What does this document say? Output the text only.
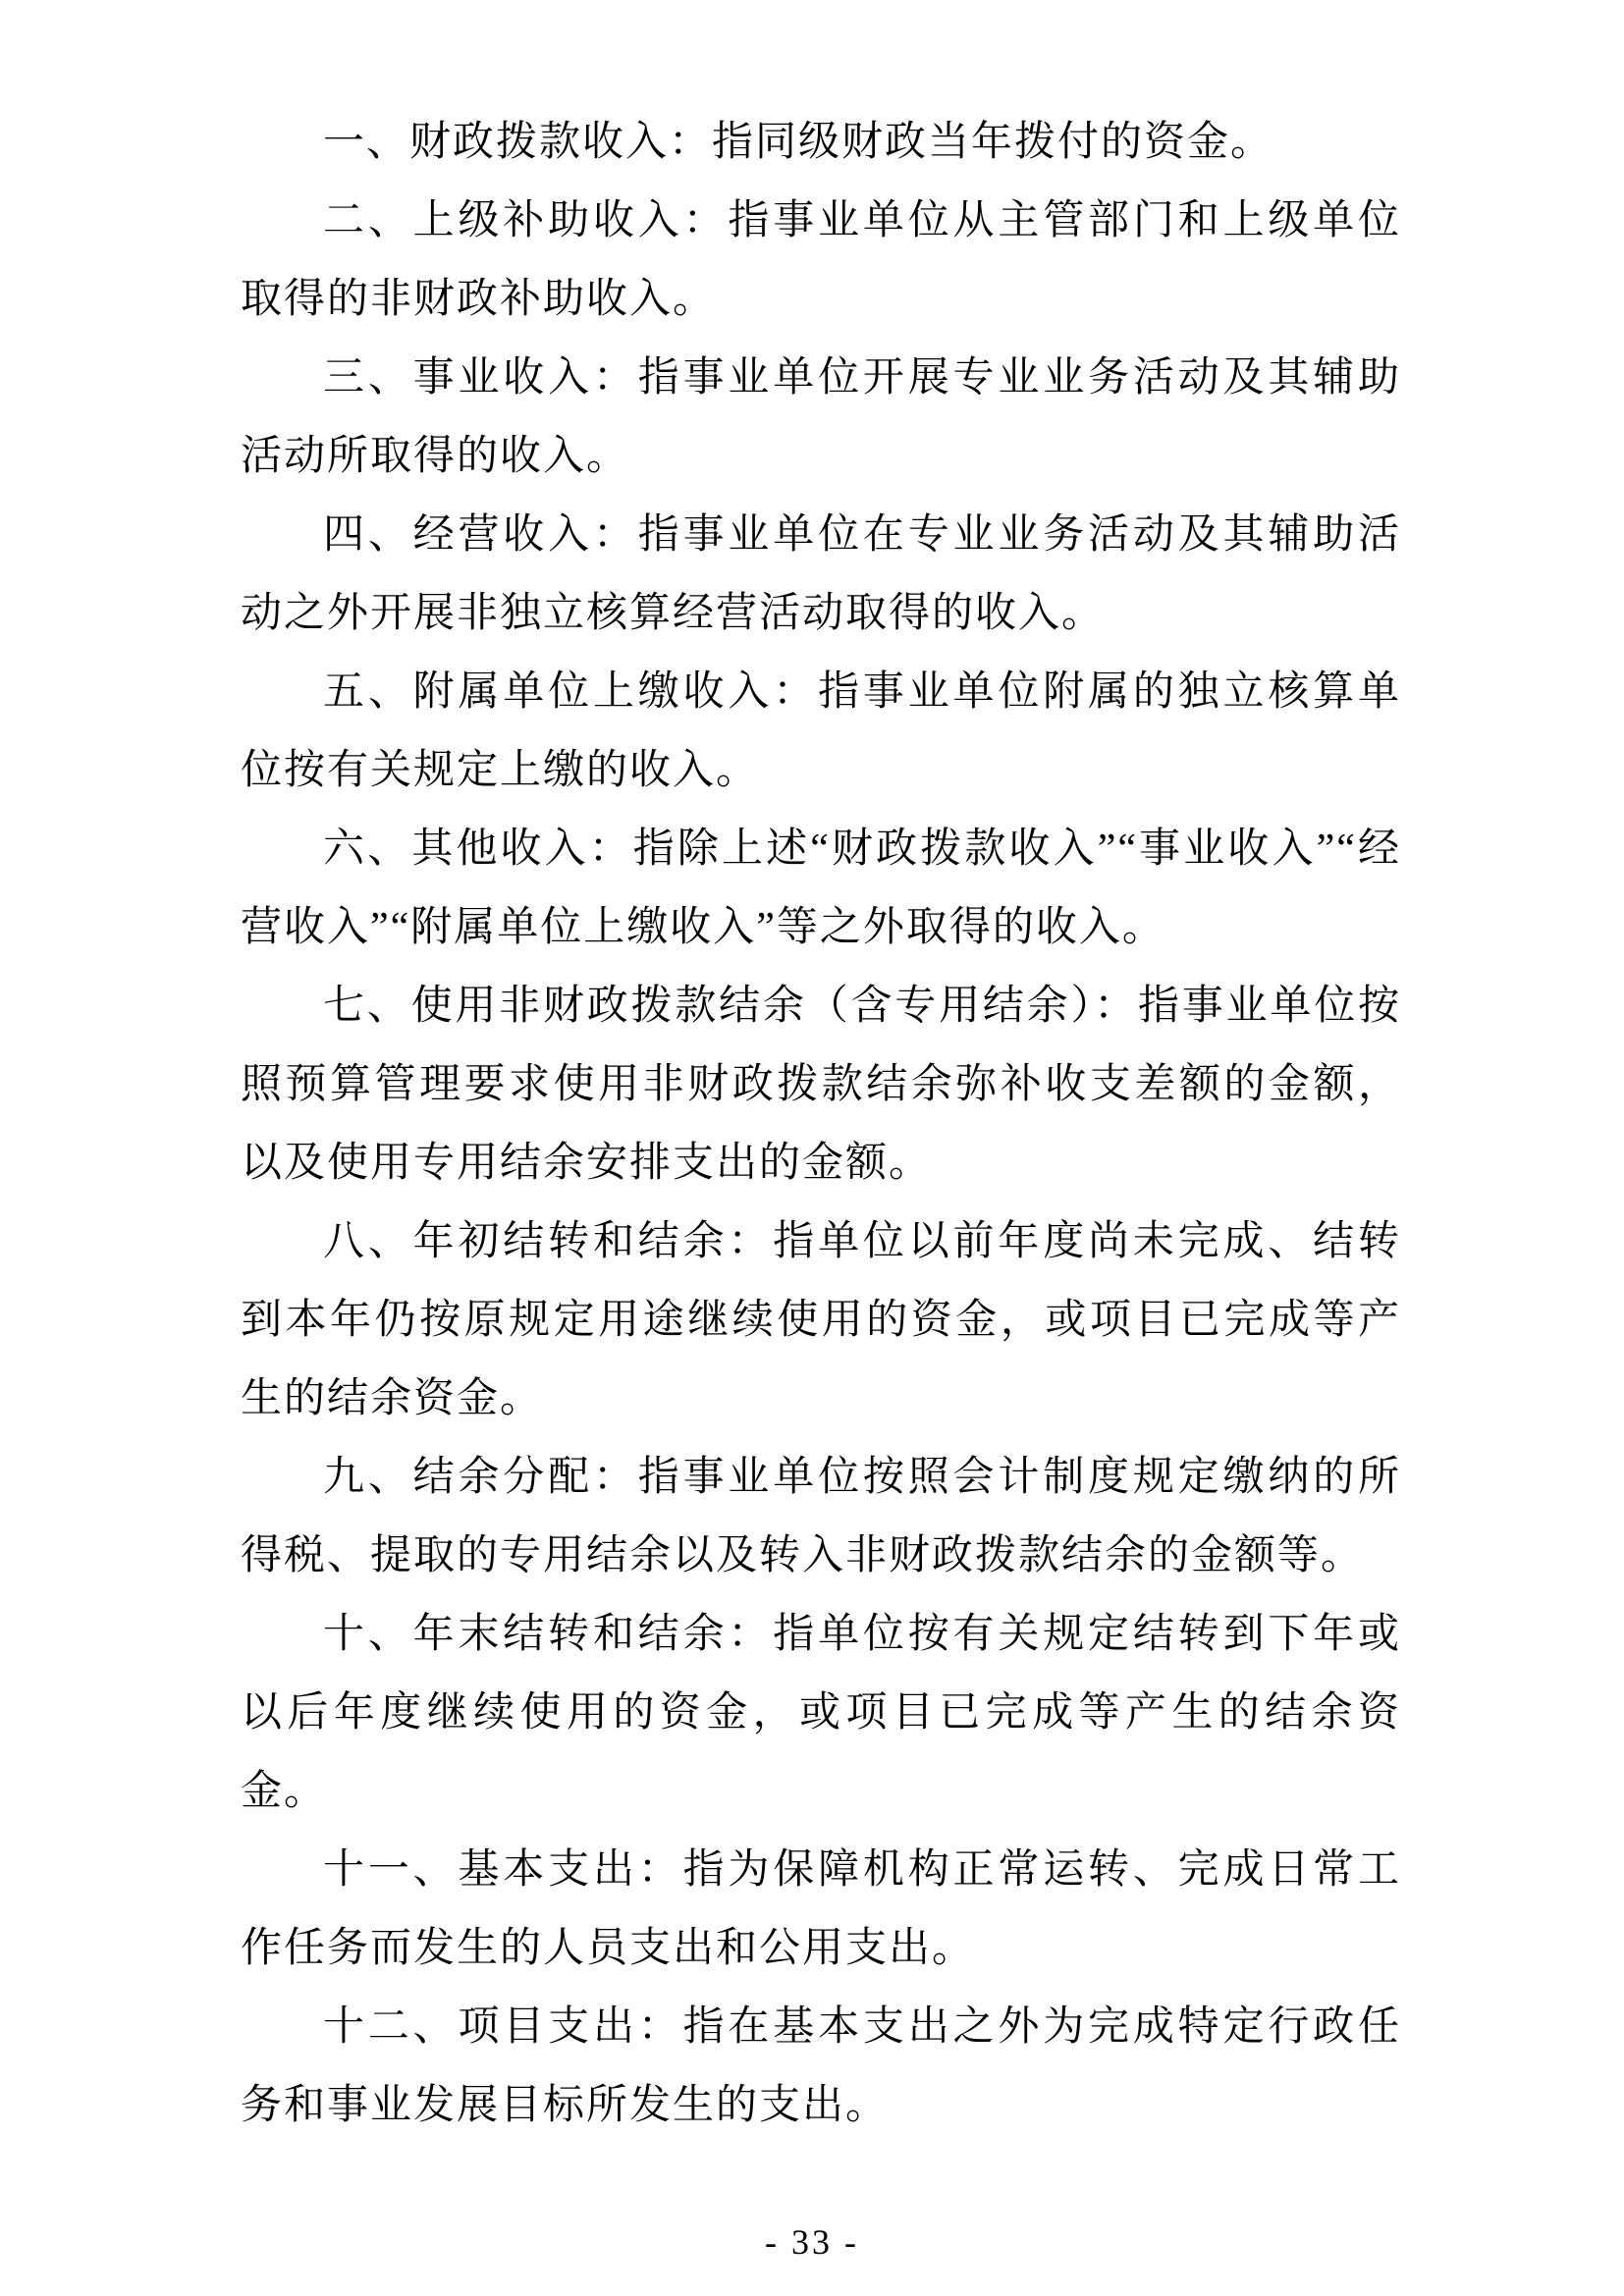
一、财政拨款收入：指同级财政当年拨付的资金。

二、上级补助收入：指事业单位从主管部门和上级单位取得的非财政补助收入。

三、事业收入：指事业单位开展专业业务活动及其辅助活动所取得的收入。

四、经营收入：指事业单位在专业业务活动及其辅助活动之外开展非独立核算经营活动取得的收入。

五、附属单位上缴收入：指事业单位附属的独立核算单位按有关规定上缴的收入。

六、其他收入：指除上述“财政拨款收入”“事业收入”“经营收入”“附属单位上缴收入”等之外取得的收入。

七、使用非财政拨款结余（含专用结余）：指事业单位按照预算管理要求使用非财政拨款结余弥补收支差额的金额，以及使用专用结余安排支出的金额。

八、年初结转和结余：指单位以前年度尚未完成、结转到本年仍按原规定用途继续使用的资金，或项目已完成等产生的结余资金。

九、结余分配：指事业单位按照会计制度规定缴纳的所得税、提取的专用结余以及转入非财政拨款结余的金额等。

十、年末结转和结余：指单位按有关规定结转到下年或以后年度继续使用的资金，或项目已完成等产生的结余资金。

十一、基本支出：指为保障机构正常运转、完成日常工作任务而发生的人员支出和公用支出。

十二、项目支出：指在基本支出之外为完成特定行政任务和事业发展目标所发生的支出。

- 33 -
